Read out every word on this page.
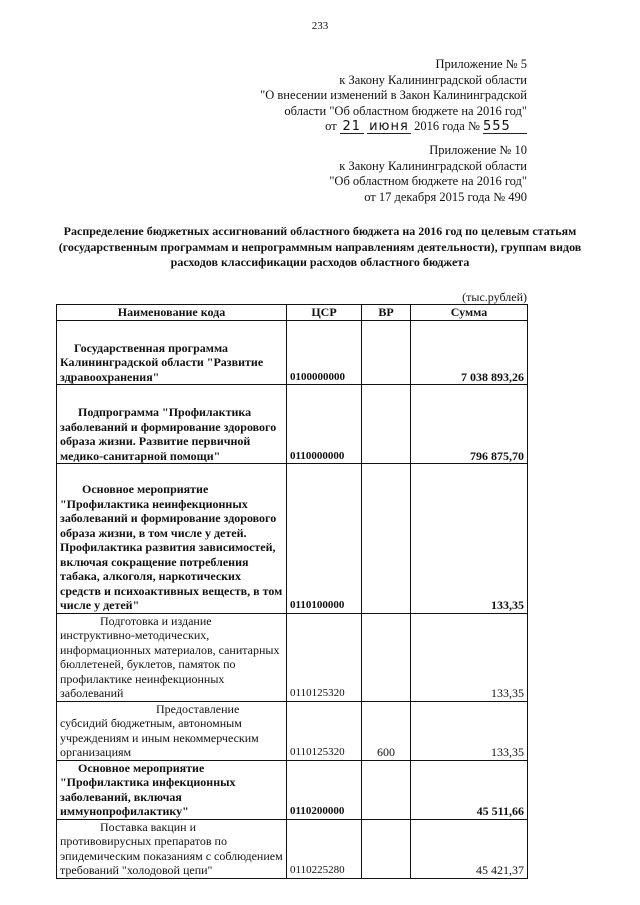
233
Приложение № 5
к Закону Калининградской области
"О внесении изменений в Закон Калининградской
области "Об областном бюджете на 2016 год"
от 21 июня 2016 года № 555
Приложение № 10
к Закону Калининградской области
"Об областном бюджете на 2016 год"
от 17 декабря 2015 года № 490
Распределение бюджетных ассигнований областного бюджета на 2016 год по целевым статьям (государственным программам и непрограммным направлениям деятельности), группам видов расходов классификации расходов областного бюджета
(тыс.рублей)
Наименование кода	ЦСР	ВР	Сумма
Государственная программа Калининградской области "Развитие здравоохранения"	0100000000		7 038 893,26
Подпрограмма "Профилактика заболеваний и формирование здорового образа жизни. Развитие первичной медико-санитарной помощи"	0110000000		796 875,70
Основное мероприятие "Профилактика неинфекционных заболеваний и формирование здорового образа жизни, в том числе у детей. Профилактика развития зависимостей, включая сокращение потребления табака, алкоголя, наркотических средств и психоактивных веществ, в том числе у детей"	0110100000		133,35
Подготовка и издание инструктивно-методических, информационных материалов, санитарных бюллетеней, буклетов, памяток по профилактике неинфекционных заболеваний	0110125320		133,35
Предоставление субсидий бюджетным, автономным учреждениям и иным некоммерческим организациям	0110125320	600	133,35
Основное мероприятие "Профилактика инфекционных заболеваний, включая иммунопрофилактику"	0110200000		45 511,66
Поставка вакцин и противовирусных препаратов по эпидемическим показаниям с соблюдением требований "холодовой цепи"	0110225280		45 421,37
